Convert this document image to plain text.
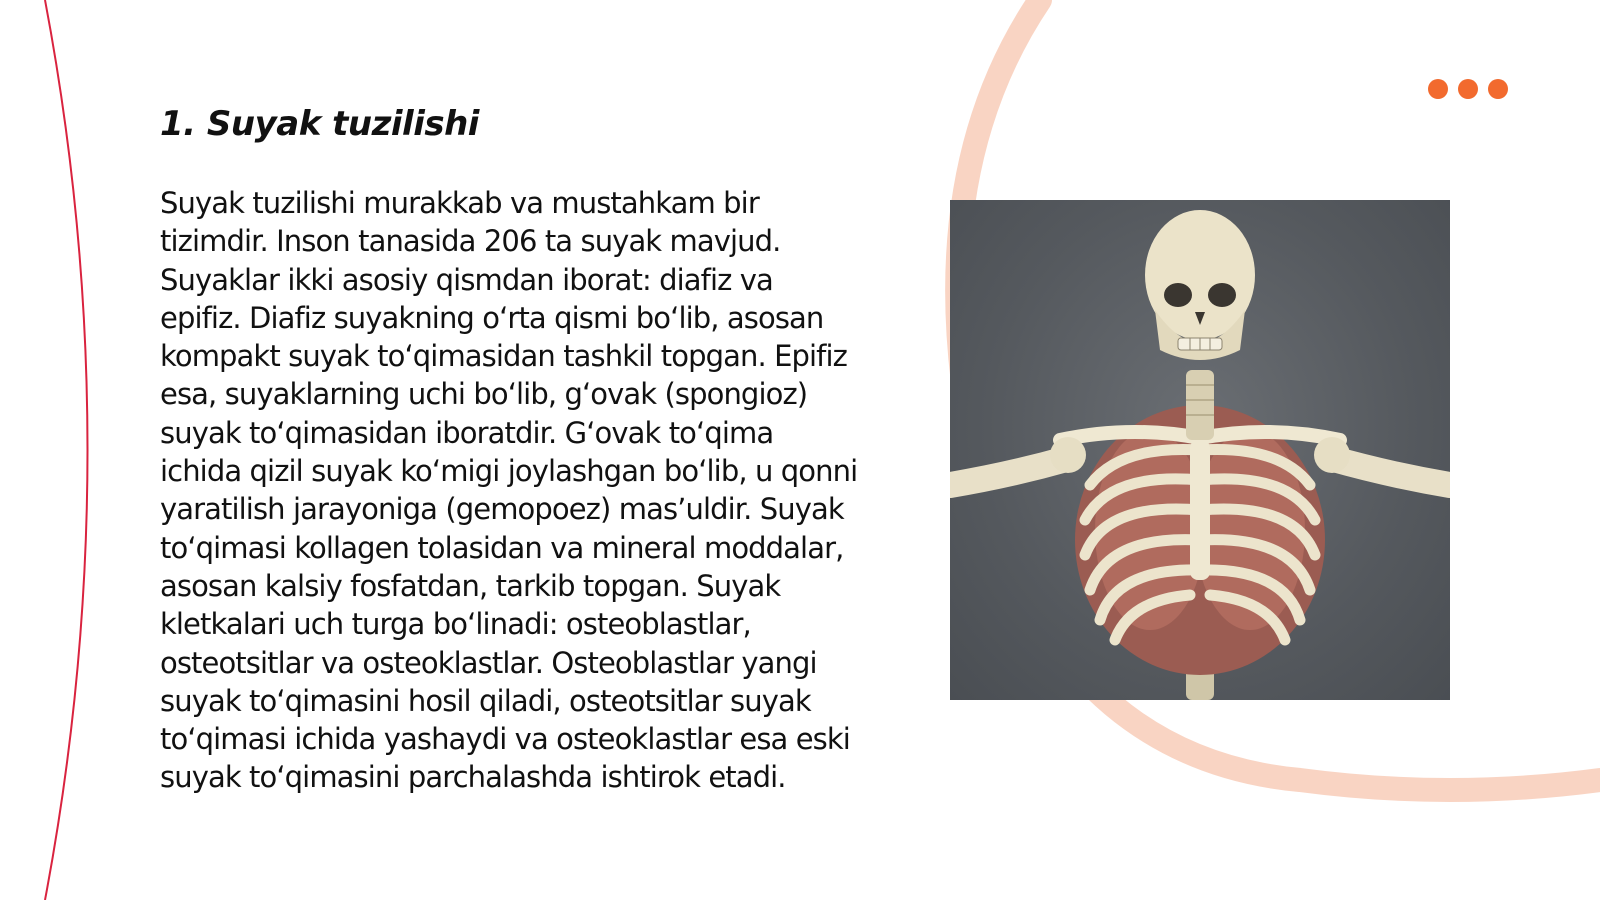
1. Suyak tuzilishi

Suyak tuzilishi murakkab va mustahkam bir tizimdir. Inson tanasida 206 ta suyak mavjud. Suyaklar ikki asosiy qismdan iborat: diafiz va epifiz. Diafiz suyakning oʻrta qismi boʻlib, asosan kompakt suyak toʻqimasidan tashkil topgan. Epifiz esa, suyaklarning uchi boʻlib, gʻovak (spongioz) suyak toʻqimasidan iboratdir. Gʻovak toʻqima ichida qizil suyak koʻmigi joylashgan boʻlib, u qonni yaratilish jarayoniga (gemopoez) masʼuldir. Suyak toʻqimasi kollagen tolasidan va mineral moddalar, asosan kalsiy fosfatdan, tarkib topgan. Suyak kletkalari uch turga boʻlinadi: osteoblastlar, osteotsitlar va osteoklastlar. Osteoblastlar yangi suyak toʻqimasini hosil qiladi, osteotsitlar suyak toʻqimasi ichida yashaydi va osteoklastlar esa eski suyak toʻqimasini parchalashda ishtirok etadi.
